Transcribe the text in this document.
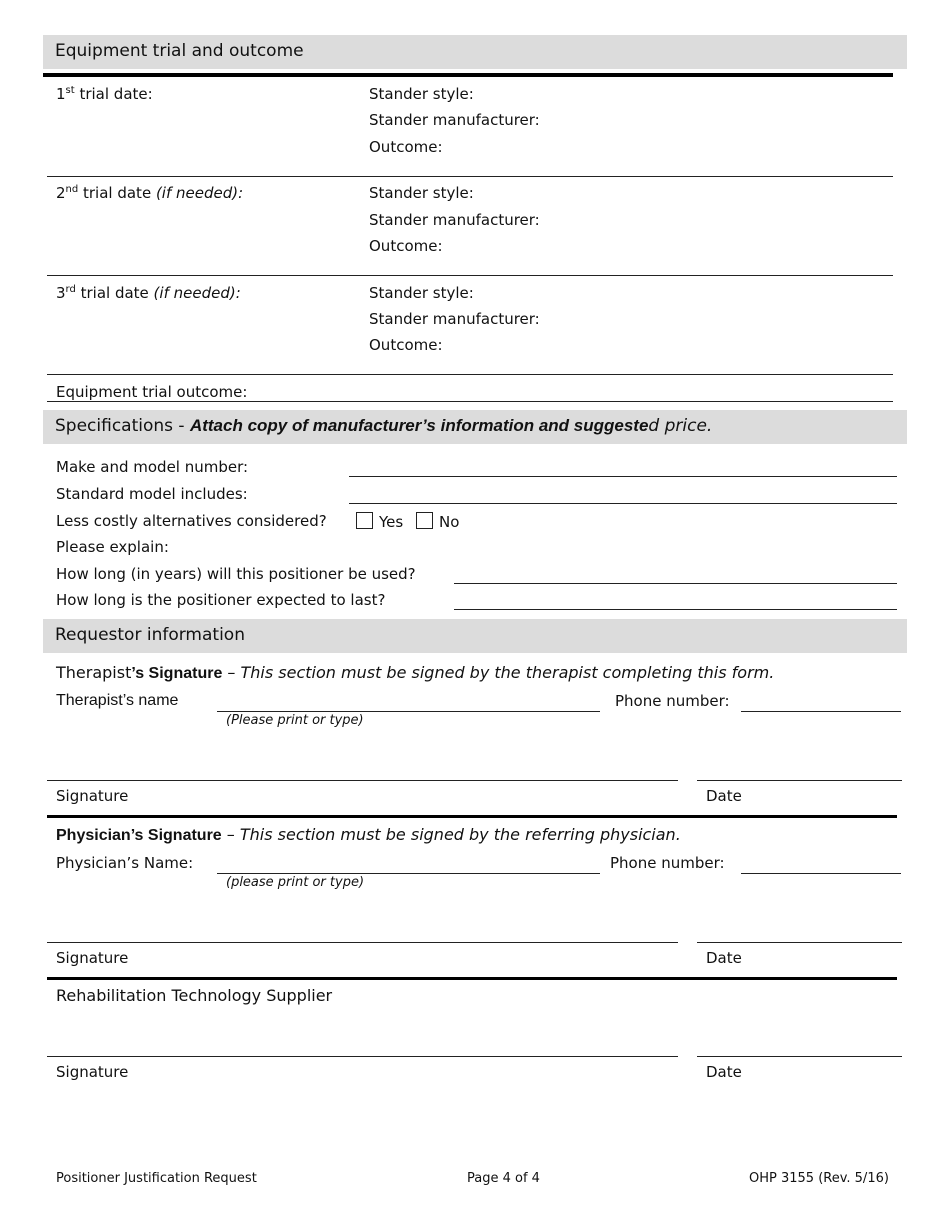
Equipment trial and outcome
1st trial date:	Stander style:
Stander manufacturer:
Outcome:
2nd trial date (if needed):	Stander style:
Stander manufacturer:
Outcome:
3rd trial date (if needed):	Stander style:
Stander manufacturer:
Outcome:
Equipment trial outcome:
Specifications - Attach copy of manufacturer’s information and suggested price.
Make and model number:
Standard model includes:
Less costly alternatives considered?	Yes	No
Please explain:
How long (in years) will this positioner be used?
How long is the positioner expected to last?
Requestor information
Therapist’s Signature – This section must be signed by the therapist completing this form.
Therapist’s name
(Please print or type)
Phone number:
Signature	Date
Physician’s Signature – This section must be signed by the referring physician.
Physician’s Name:
(please print or type)
Phone number:
Signature	Date
Rehabilitation Technology Supplier
Signature	Date
Positioner Justification Request	Page 4 of 4	OHP 3155 (Rev. 5/16)
